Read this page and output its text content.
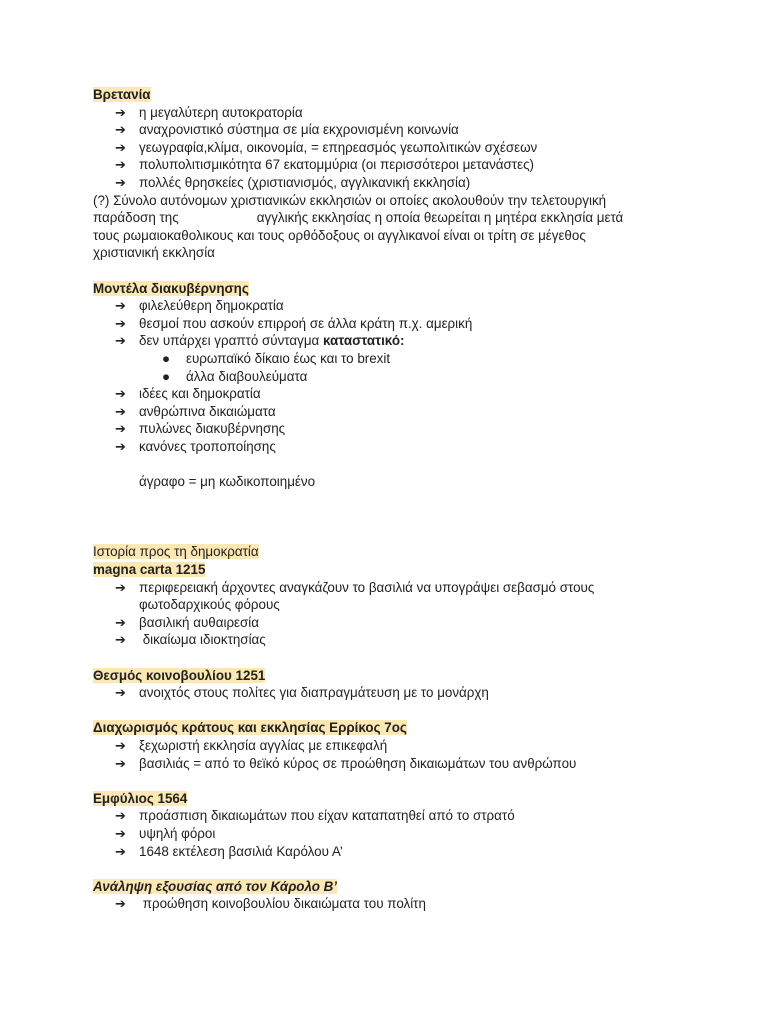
Βρετανία
➔ η μεγαλύτερη αυτοκρατορία
➔ αναχρονιστικό σύστημα σε μία εκχρονισμένη κοινωνία
➔ γεωγραφία,κλίμα, οικονομία, = επηρεασμός γεωπολιτικών σχέσεων
➔ πολυπολιτισμικότητα 67 εκατομμύρια (οι περισσότεροι μετανάστες)
➔ πολλές θρησκείες (χριστιανισμός, αγγλικανική εκκλησία)
(?) Σύνολο αυτόνομων χριστιανικών εκκλησιών οι οποίες ακολουθούν την τελετουργική
παράδοση της                     αγγλικής εκκλησίας η οποία θεωρείται η μητέρα εκκλησία μετά
τους ρωμαιοκαθολικους και τους ορθόδοξους οι αγγλικανοί είναι οι τρίτη σε μέγεθος
χριστιανική εκκλησία
Μοντέλα διακυβέρνησης
➔ φιλελεύθερη δημοκρατία
➔ θεσμοί που ασκούν επιρροή σε άλλα κράτη π.χ. αμερική
➔ δεν υπάρχει γραπτό σύνταγμα καταστατικό:
● ευρωπαϊκό δίκαιο έως και το brexit
● άλλα διαβουλεύματα
➔ ιδέες και δημοκρατία
➔ ανθρώπινα δικαιώματα
➔ πυλώνες διακυβέρνησης
➔ κανόνες τροποποίησης
άγραφο = μη κωδικοποιημένο
Ιστορία προς τη δημοκρατία
magna carta 1215
➔ περιφερειακή άρχοντες αναγκάζουν το βασιλιά να υπογράψει σεβασμό στους
φωτοδαρχικούς φόρους
➔ βασιλική αυθαιρεσία
➔ δικαίωμα ιδιοκτησίας
Θεσμός κοινοβουλίου 1251
➔ ανοιχτός στους πολίτες για διαπραγμάτευση με το μονάρχη
Διαχωρισμός κράτους και εκκλησίας Ερρίκος 7ος
➔ ξεχωριστή εκκλησία αγγλίας με επικεφαλή
➔ βασιλιάς = από το θεϊκό κύρος σε προώθηση δικαιωμάτων του ανθρώπου
Εμφύλιος 1564
➔ προάσπιση δικαιωμάτων που είχαν καταπατηθεί από το στρατό
➔ υψηλή φόροι
➔ 1648 εκτέλεση βασιλιά Καρόλου Α’
Ανάληψη εξουσίας από τον Κάρολο Β’
➔ προώθηση κοινοβουλίου δικαιώματα του πολίτη
